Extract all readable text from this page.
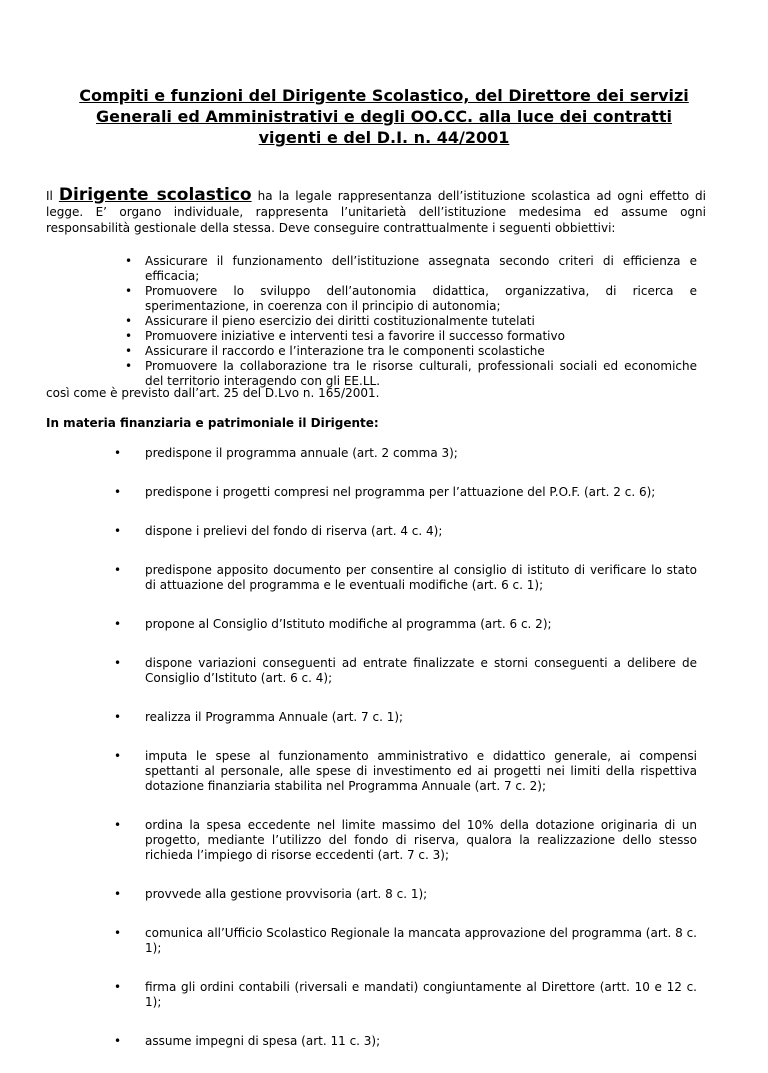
Compiti e funzioni del Dirigente Scolastico, del Direttore dei servizi Generali ed Amministrativi e degli OO.CC. alla luce dei contratti vigenti e del D.I. n. 44/2001

Il Dirigente scolastico ha la legale rappresentanza dell’istituzione scolastica ad ogni effetto di legge. E’ organo individuale, rappresenta l’unitarietà dell’istituzione medesima ed assume ogni responsabilità gestionale della stessa. Deve conseguire contrattualmente i seguenti obbiettivi:

• Assicurare il funzionamento dell’istituzione assegnata secondo criteri di efficienza e efficacia;
• Promuovere lo sviluppo dell’autonomia didattica, organizzativa, di ricerca e sperimentazione, in coerenza con il principio di autonomia;
• Assicurare il pieno esercizio dei diritti costituzionalmente tutelati
• Promuovere iniziative e interventi tesi a favorire il successo formativo
• Assicurare il raccordo e l’interazione tra le componenti scolastiche
• Promuovere la collaborazione tra le risorse culturali, professionali sociali ed economiche del territorio interagendo con gli EE.LL.

così come è previsto dall’art. 25 del D.Lvo n. 165/2001.

In materia finanziaria e patrimoniale il Dirigente:

• predispone il programma annuale (art. 2 comma 3);
• predispone i progetti compresi nel programma per l’attuazione del P.O.F. (art. 2 c. 6);
• dispone i prelievi del fondo di riserva (art. 4 c. 4);
• predispone apposito documento per consentire al consiglio di istituto di verificare lo stato di attuazione del programma e le eventuali modifiche (art. 6 c. 1);
• propone al Consiglio d’Istituto modifiche al programma (art. 6 c. 2);
• dispone variazioni conseguenti ad entrate finalizzate e storni conseguenti a delibere de Consiglio d’Istituto (art. 6 c. 4);
• realizza il Programma Annuale (art. 7 c. 1);
• imputa le spese al funzionamento amministrativo e didattico generale, ai compensi spettanti al personale, alle spese di investimento ed ai progetti nei limiti della rispettiva dotazione finanziaria stabilita nel Programma Annuale (art. 7 c. 2);
• ordina la spesa eccedente nel limite massimo del 10% della dotazione originaria di un progetto, mediante l’utilizzo del fondo di riserva, qualora la realizzazione dello stesso richieda l’impiego di risorse eccedenti (art. 7 c. 3);
• provvede alla gestione provvisoria (art. 8 c. 1);
• comunica all’Ufficio Scolastico Regionale la mancata approvazione del programma (art. 8 c. 1);
• firma gli ordini contabili (riversali e mandati) congiuntamente al Direttore (artt. 10 e 12 c. 1);
• assume impegni di spesa (art. 11 c. 3);
